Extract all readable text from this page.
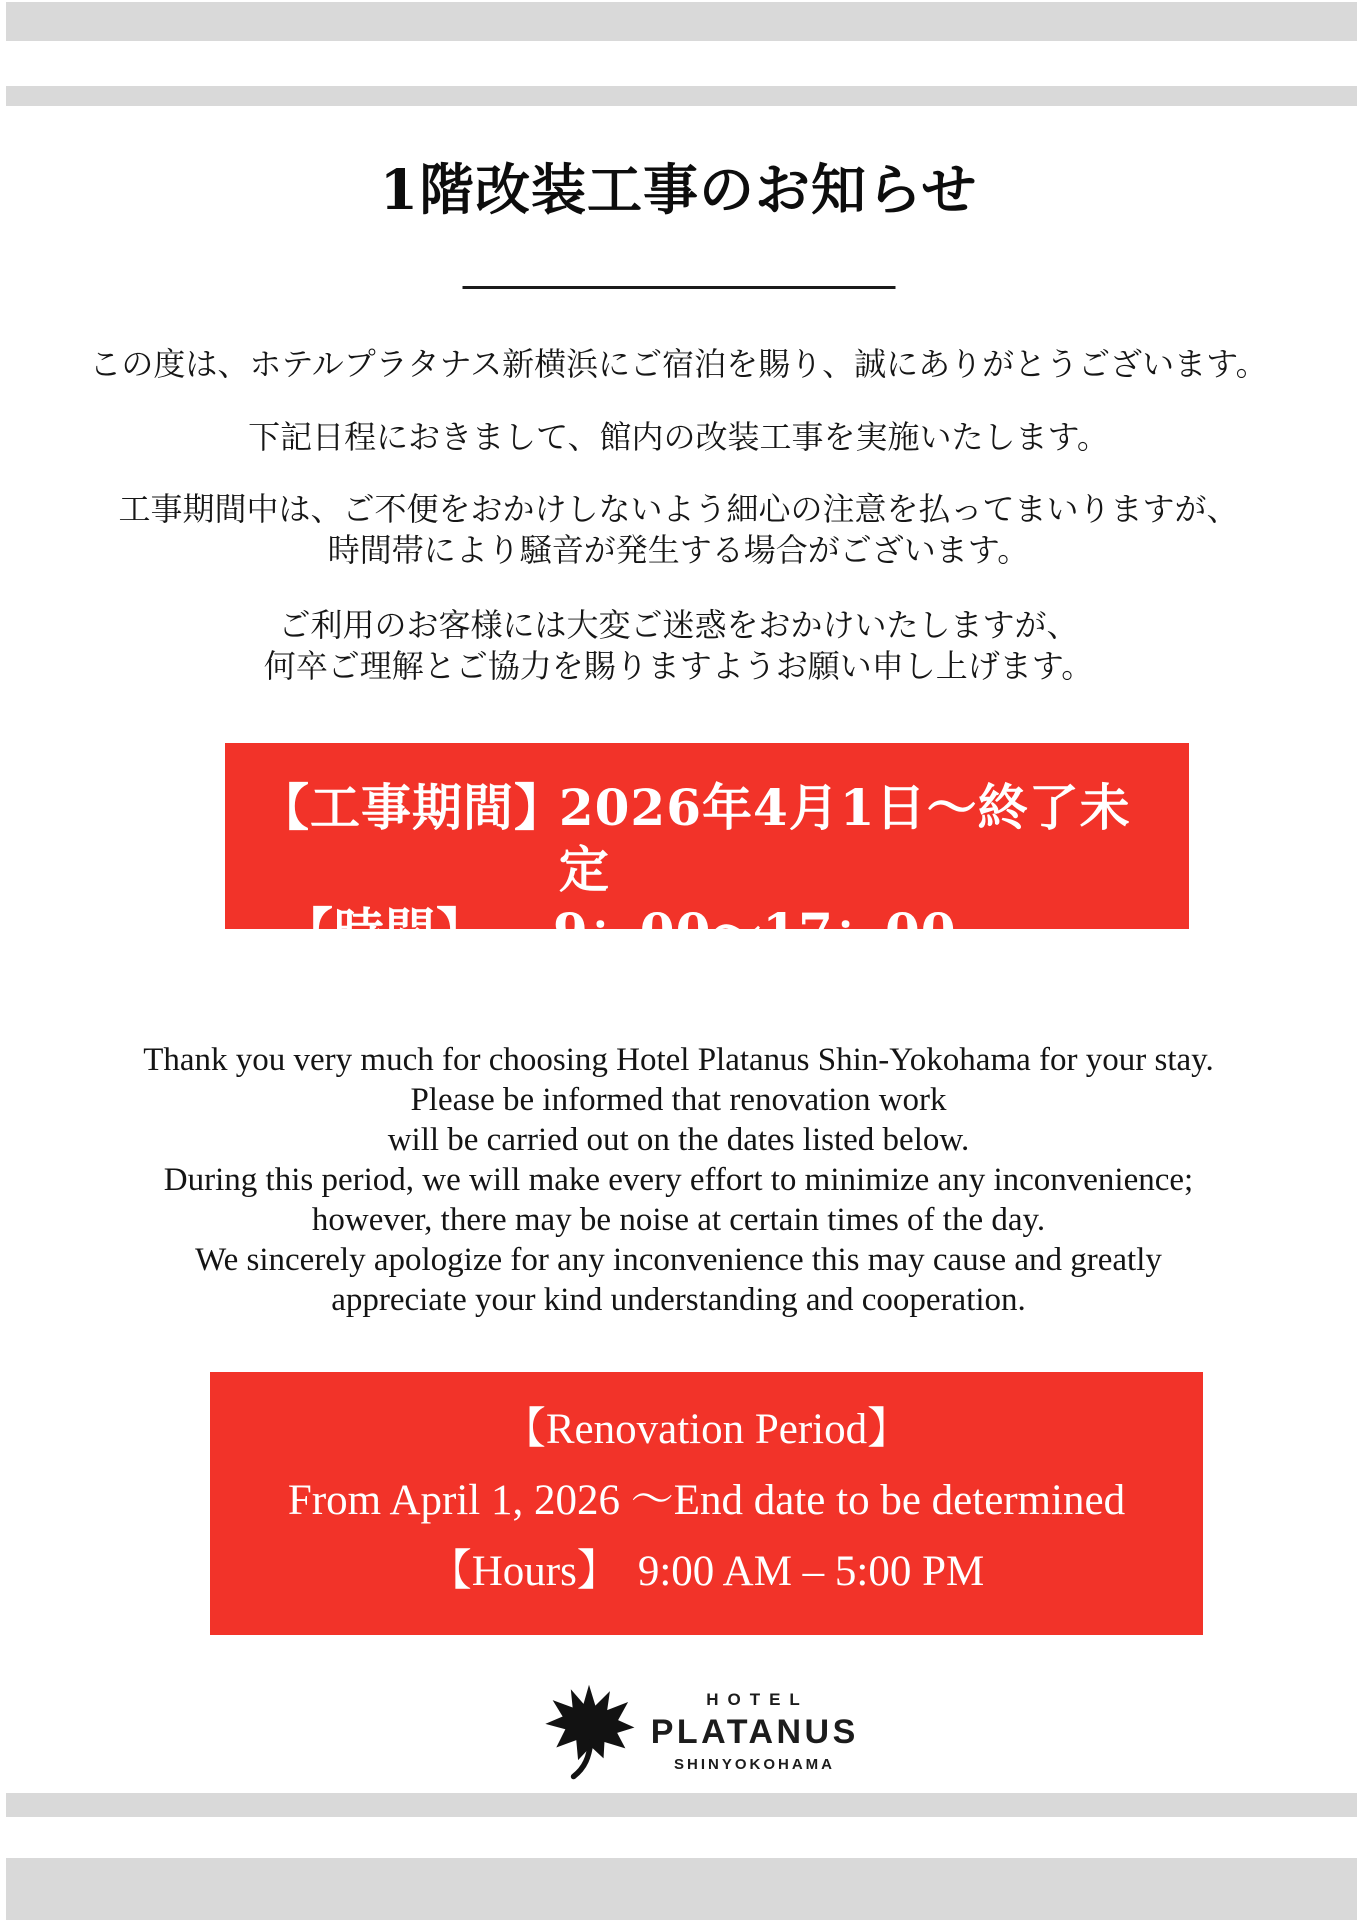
1階改装工事のお知らせ
この度は、ホテルプラタナス新横浜にご宿泊を賜り、誠にありがとうございます。
下記日程におきまして、館内の改装工事を実施いたします。
工事期間中は、ご不便をおかけしないよう細心の注意を払ってまいりますが、
時間帯により騒音が発生する場合がございます。
ご利用のお客様には大変ご迷惑をおかけいたしますが、
何卒ご理解とご協力を賜りますようお願い申し上げます。
【工事期間】
2026年4月1日～終了未定
【時間】 9：00～17：00
Thank you very much for choosing Hotel Platanus Shin-Yokohama for your stay.
Please be informed that renovation work
will be carried out on the dates listed below.
During this period, we will make every effort to minimize any inconvenience;
however, there may be noise at certain times of the day.
We sincerely apologize for any inconvenience this may cause and greatly
appreciate your kind understanding and cooperation.
【Renovation Period】
From April 1, 2026 ～End date to be determined
【Hours】 9:00 AM – 5:00 PM
HOTEL
PLATANUS
SHINYOKOHAMA
